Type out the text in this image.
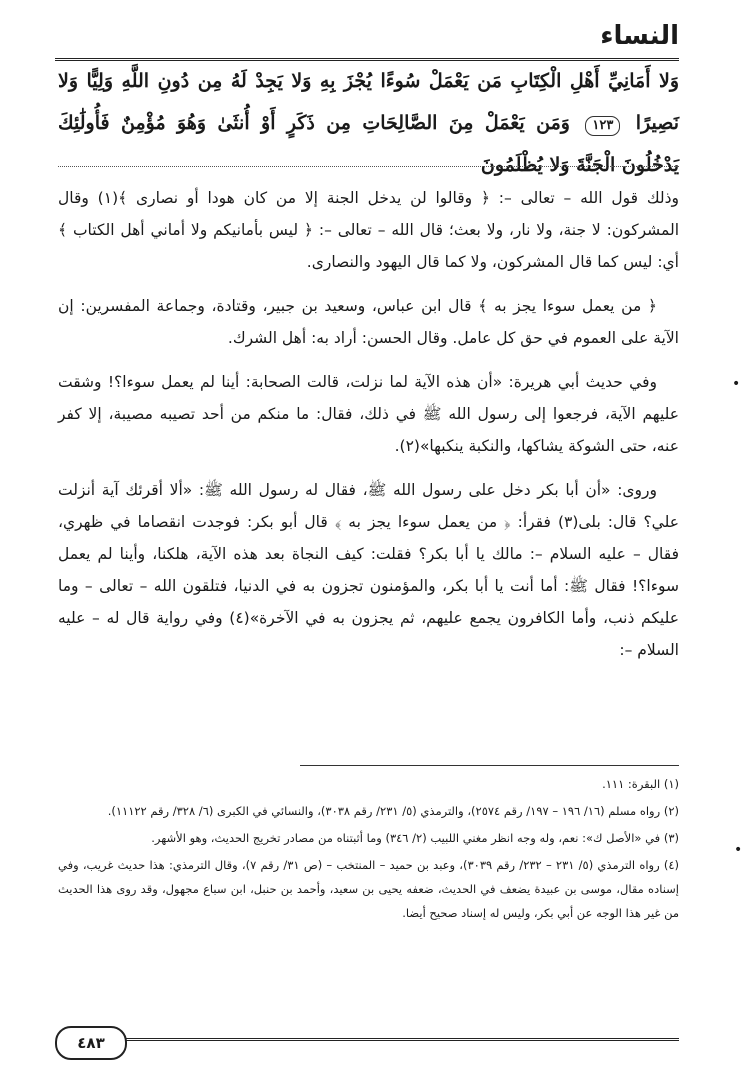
النساء
وَلا أَمَانِيِّ أَهْلِ الْكِتَابِ مَن يَعْمَلْ سُوءًا يُجْزَ بِهِ وَلا يَجِدْ لَهُ مِن دُونِ اللَّهِ وَلِيًّا وَلا نَصِيرًا ١٢٣ وَمَن يَعْمَلْ مِنَ الصَّالِحَاتِ مِن ذَكَرٍ أَوْ أُنثَىٰ وَهُوَ مُؤْمِنٌ فَأُولَٰئِكَ يَدْخُلُونَ الْجَنَّةَ وَلا يُظْلَمُونَ

وذلك قول الله – تعالى –: ﴿ وقالوا لن يدخل الجنة إلا من كان هودا أو نصارى ﴾(١) وقال المشركون: لا جنة، ولا نار، ولا بعث؛ قال الله – تعالى –: ﴿ ليس بأمانيكم ولا أماني أهل الكتاب ﴾ أي: ليس كما قال المشركون، ولا كما قال اليهود والنصارى.

﴿ من يعمل سوءا يجز به ﴾ قال ابن عباس، وسعيد بن جبير، وقتادة، وجماعة المفسرين: إن الآية على العموم في حق كل عامل. وقال الحسن: أراد به: أهل الشرك.

وفي حديث أبي هريرة: «أن هذه الآية لما نزلت، قالت الصحابة: أينا لم يعمل سوءا؟! وشقت عليهم الآية، فرجعوا إلى رسول الله ﷺ في ذلك، فقال: ما منكم من أحد تصيبه مصيبة، إلا كفر عنه، حتى الشوكة يشاكها، والنكبة ينكبها»(٢).

وروى: «أن أبا بكر دخل على رسول الله ﷺ، فقال له رسول الله ﷺ: «ألا أقرئك آية أنزلت علي؟ قال: بلى(٣) فقرأ: ﴿ من يعمل سوءا يجز به ﴾ قال أبو بكر: فوجدت انقصاما في ظهري، فقال – عليه السلام –: مالك يا أبا بكر؟ فقلت: كيف النجاة بعد هذه الآية، هلكنا، وأينا لم يعمل سوءا؟! فقال ﷺ: أما أنت يا أبا بكر، والمؤمنون تجزون به في الدنيا، فتلقون الله – تعالى – وما عليكم ذنب، وأما الكافرون يجمع عليهم، ثم يجزون به في الآخرة»(٤) وفي رواية قال له – عليه السلام –:

(١) البقرة: ١١١.
(٢) رواه مسلم (١٦/ ١٩٦ – ١٩٧/ رقم ٢٥٧٤)، والترمذي (٥/ ٢٣١/ رقم ٣٠٣٨)، والنسائي في الكبرى (٦/ ٣٢٨/ رقم ١١١٢٢).
(٣) في «الأصل ك»: نعم، وله وجه انظر مغني اللبيب (٢/ ٣٤٦) وما أثبتناه من مصادر تخريج الحديث، وهو الأشهر.
(٤) رواه الترمذي (٥/ ٢٣١ – ٢٣٢/ رقم ٣٠٣٩)، وعبد بن حميد – المنتخب – (ص ٣١/ رقم ٧)، وقال الترمذي: هذا حديث غريب، وفي إسناده مقال، موسى بن عبيدة يضعف في الحديث، ضعفه يحيى بن سعيد، وأحمد بن حنبل، ابن سباع مجهول، وقد روى هذا الحديث من غير هذا الوجه عن أبي بكر، وليس له إسناد صحيح أيضا.
٤٨٣
•
•
